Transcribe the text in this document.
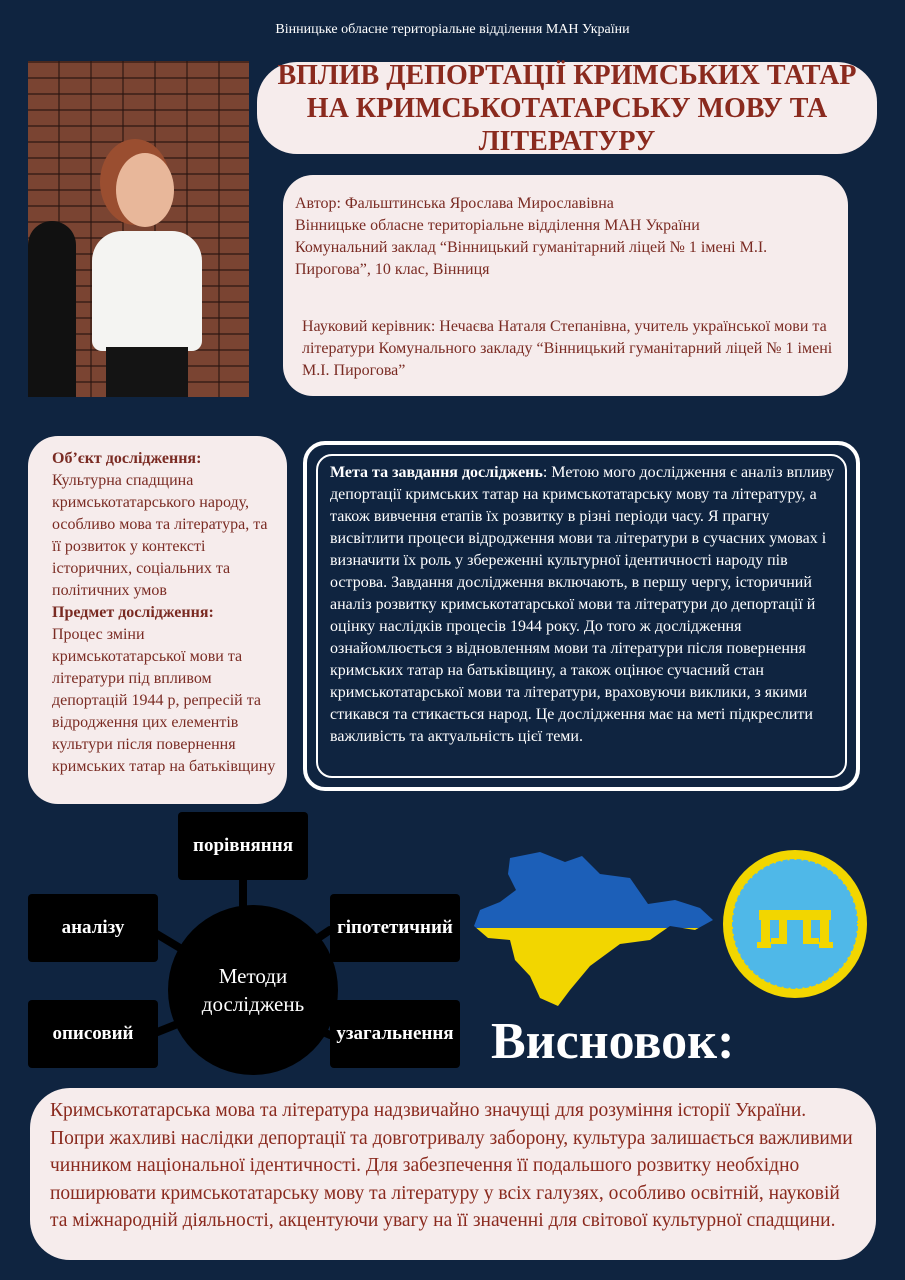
Вінницьке обласне територіальне відділення МАН України
ВПЛИВ ДЕПОРТАЦІЇ КРИМСЬКИХ ТАТАР НА КРИМСЬКОТАТАРСЬКУ МОВУ ТА ЛІТЕРАТУРУ
Автор: Фальштинська Ярослава Мирославівна
Вінницьке обласне територіальне відділення МАН України
Комунальний заклад “Вінницький гуманітарний ліцей № 1 імені М.І. Пирогова”, 10 клас, Вінниця
Науковий керівник: Нечаєва Наталя Степанівна, учитель української мови та літератури Комунального закладу “Вінницький гуманітарний ліцей № 1 імені М.І. Пирогова”
Об’єкт дослідження:
Культурна спадщина кримськотатарського народу, особливо мова та література, та її розвиток у контексті історичних, соціальних та політичних умов
Предмет дослідження:
Процес зміни кримськотатарської мови та літератури під впливом депортацій 1944 р, репресій та відродження цих елементів культури після повернення кримських татар на батьківщину
Мета та завдання досліджень: Метою мого дослідження є аналіз впливу депортації кримських татар на кримськотатарську мову та літературу, а також вивчення етапів їх розвитку в різні періоди часу. Я прагну висвітлити процеси відродження мови та літератури в сучасних умовах і визначити їх роль у збереженні культурної ідентичності народу пів острова. Завдання дослідження включають, в першу чергу, історичний аналіз розвитку кримськотатарської мови та літератури до депортації й оцінку наслідків процесів 1944 року. До того ж дослідження ознайомлюється з відновленням мови та літератури після повернення кримських татар на батьківщину, а також оцінює сучасний стан кримськотатарської мови та літератури, враховуючи виклики, з якими стикався та стикається народ. Це дослідження має на меті підкреслити важливість та актуальність цієї теми.
порівняння
аналізу	гіпотетичний
описовий	узагальнення
Методи
досліджень
Висновок:
Кримськотатарська мова та література надзвичайно значущі для розуміння історії України. Попри жахливі наслідки депортації та довготривалу заборону, культура залишається важливими чинником національної ідентичності. Для забезпечення її подальшого розвитку необхідно поширювати кримськотатарську мову та літературу у всіх галузях, особливо освітній, науковій та міжнародній діяльності, акцентуючи увагу на її значенні для світової культурної спадщини.
